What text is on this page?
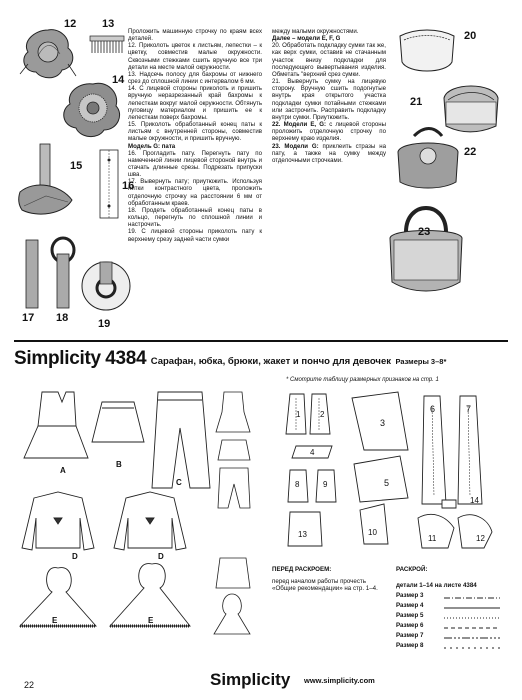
Проложить машинную строчку по краям всех деталей.

12. Приколоть цветок к листьям, лепестки – к цветку, совместив малые окружности. Сквозными стежками сшить вручную все три детали на месте малой окружности.

13. Надсечь полосу для бахромы от нижнего срез до сплошной линии с интервалом 6 мм.

14. С лицевой стороны приколоть и пришить вручную неразрезанный край бахромы к лепесткам вокруг малой окружности. Обтянуть пуговицу материалом и пришить ее к лепесткам поверх бахромы.

15. Приколоть обработанный конец паты к листьям с внутренней стороны, совместив малые окружности, и пришить вручную.

Модель G: пата

16. Прогладить пату. Перегнуть пату по намеченной линии лицевой стороной внутрь и стачать длинные срезы. Подрезать припуски шва.

17. Вывернуть пату; приутюжить. Используя нитки контрастного цвета, проложить отделочную строчку на расстоянии 6 мм от обработанным краев.

18. Продеть обработанный конец паты в кольцо, перегнуть по сплошной линии и настрочить.

19. С лицевой стороны приколоть пату к верхнему срезу задней части сумки

между малыми окружностями.

Далее – модели E, F, G

20. Обработать подкладку сумки так же, как верх сумки, оставив не стачанным участок внизу подкладки для последующего вывертывания изделия. Обметать "верхний срез сумки.

21. Вывернуть сумку на лицевую сторону. Вручную сшить подогнутые внутрь края открытого участка подкладки сумки потайными стежками или застрочить. Расправить подкладку внутри сумки. Приутюжить.

22. Модели E, G: с лицевой стороны проложить отделочную строчку по верхнему краю изделия.

23. Модели G: приклеить стразы на пату, а также на сумку между отделочными строчками.

12 13
14
15
16
17 18	19
20
21
22
23
Simplicity 4384 Сарафан, юбка, брюки, жакет и пончо для девочек Размеры 3–8*
* Смотрите таблицу размерных признаков на стр. 1
A
B
C
D	D
E	E
1 2
3
4
5
6	7
8	9
10
11	12
13
14
ПЕРЕД РАСКРОЕМ:
перед началом работы прочесть «Общие рекомендации» на стр. 1–4.
РАСКРОЙ:
детали 1–14 на листе 4384
Размер 3
Размер 4
Размер 5
Размер 6
Размер 7
Размер 8
22	Simplicity www.simplicity.com
